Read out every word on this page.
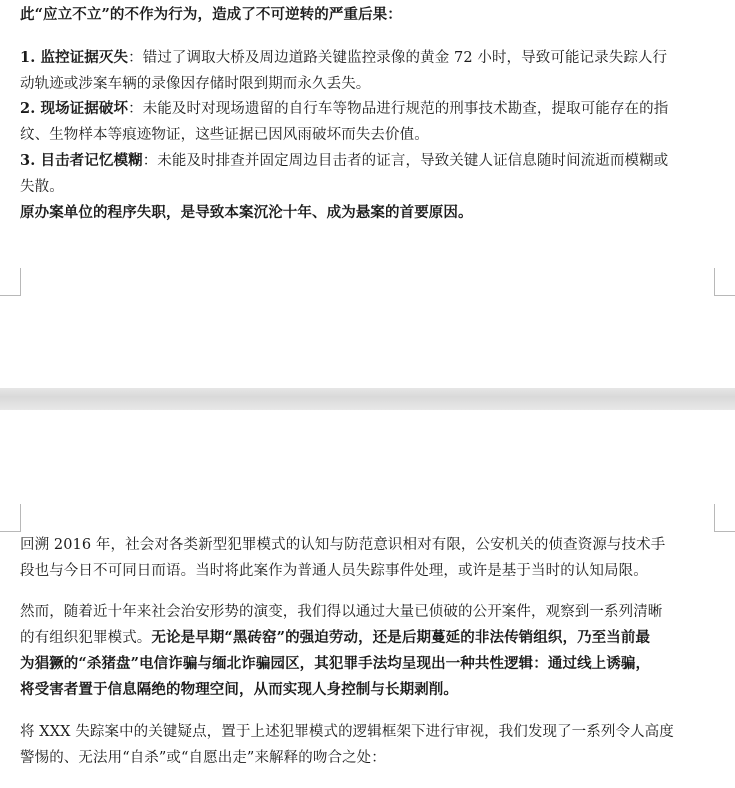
此“应立不立”的不作为行为，造成了不可逆转的严重后果：
1. 监控证据灭失：错过了调取大桥及周边道路关键监控录像的黄金 72 小时，导致可能记录失踪人行
动轨迹或涉案车辆的录像因存储时限到期而永久丢失。
2. 现场证据破坏：未能及时对现场遗留的自行车等物品进行规范的刑事技术勘查，提取可能存在的指
纹、生物样本等痕迹物证，这些证据已因风雨破坏而失去价值。
3. 目击者记忆模糊：未能及时排查并固定周边目击者的证言，导致关键人证信息随时间流逝而模糊或
失散。
原办案单位的程序失职，是导致本案沉沦十年、成为悬案的首要原因。
回溯 2016 年，社会对各类新型犯罪模式的认知与防范意识相对有限，公安机关的侦查资源与技术手
段也与今日不可同日而语。当时将此案作为普通人员失踪事件处理，或许是基于当时的认知局限。
然而，随着近十年来社会治安形势的演变，我们得以通过大量已侦破的公开案件，观察到一系列清晰
的有组织犯罪模式。无论是早期“黑砖窑”的强迫劳动，还是后期蔓延的非法传销组织，乃至当前最
为猖獗的“杀猪盘”电信诈骗与缅北诈骗园区，其犯罪手法均呈现出一种共性逻辑：通过线上诱骗，
将受害者置于信息隔绝的物理空间，从而实现人身控制与长期剥削。
将 XXX 失踪案中的关键疑点，置于上述犯罪模式的逻辑框架下进行审视，我们发现了一系列令人高度
警惕的、无法用“自杀”或“自愿出走”来解释的吻合之处：
